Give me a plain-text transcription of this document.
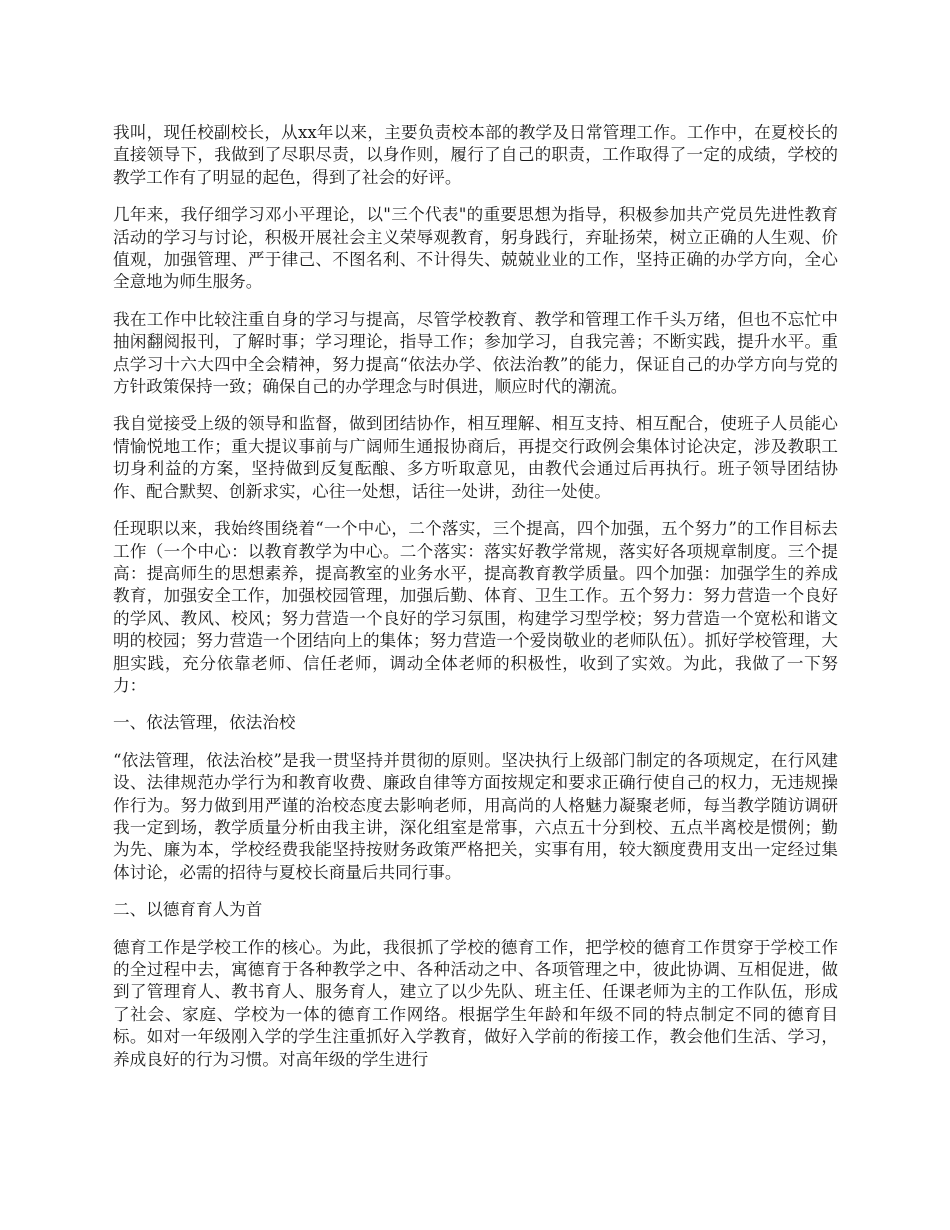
我叫，现任校副校长，从xx年以来，主要负责校本部的教学及日常管理工作。工作中，在夏校长的直接领导下，我做到了尽职尽责，以身作则，履行了自己的职责，工作取得了一定的成绩，学校的教学工作有了明显的起色，得到了社会的好评。

几年来，我仔细学习邓小平理论，以"三个代表"的重要思想为指导，积极参加共产党员先进性教育活动的学习与讨论，积极开展社会主义荣辱观教育，躬身践行，弃耻扬荣，树立正确的人生观、价值观，加强管理、严于律己、不图名利、不计得失、兢兢业业的工作，坚持正确的办学方向，全心全意地为师生服务。

我在工作中比较注重自身的学习与提高，尽管学校教育、教学和管理工作千头万绪，但也不忘忙中抽闲翻阅报刊，了解时事；学习理论，指导工作；参加学习，自我完善；不断实践，提升水平。重点学习十六大四中全会精神，努力提高“依法办学、依法治教”的能力，保证自己的办学方向与党的方针政策保持一致；确保自己的办学理念与时俱进，顺应时代的潮流。

我自觉接受上级的领导和监督，做到团结协作，相互理解、相互支持、相互配合，使班子人员能心情愉悦地工作；重大提议事前与广阔师生通报协商后，再提交行政例会集体讨论决定，涉及教职工切身利益的方案，坚持做到反复酝酿、多方听取意见，由教代会通过后再执行。班子领导团结协作、配合默契、创新求实，心往一处想，话往一处讲，劲往一处使。

任现职以来，我始终围绕着“一个中心，二个落实，三个提高，四个加强，五个努力”的工作目标去工作（一个中心：以教育教学为中心。二个落实：落实好教学常规，落实好各项规章制度。三个提高：提高师生的思想素养，提高教室的业务水平，提高教育教学质量。四个加强：加强学生的养成教育，加强安全工作，加强校园管理，加强后勤、体育、卫生工作。五个努力：努力营造一个良好的学风、教风、校风；努力营造一个良好的学习氛围，构建学习型学校；努力营造一个宽松和谐文明的校园；努力营造一个团结向上的集体；努力营造一个爱岗敬业的老师队伍）。抓好学校管理，大胆实践，充分依靠老师、信任老师，调动全体老师的积极性，收到了实效。为此，我做了一下努力：

一、依法管理，依法治校

“依法管理，依法治校”是我一贯坚持并贯彻的原则。坚决执行上级部门制定的各项规定，在行风建设、法律规范办学行为和教育收费、廉政自律等方面按规定和要求正确行使自己的权力，无违规操作行为。努力做到用严谨的治校态度去影响老师，用高尚的人格魅力凝聚老师，每当教学随访调研我一定到场，教学质量分析由我主讲，深化组室是常事，六点五十分到校、五点半离校是惯例；勤为先、廉为本，学校经费我能坚持按财务政策严格把关，实事有用，较大额度费用支出一定经过集体讨论，必需的招待与夏校长商量后共同行事。

二、以德育育人为首

德育工作是学校工作的核心。为此，我很抓了学校的德育工作，把学校的德育工作贯穿于学校工作的全过程中去，寓德育于各种教学之中、各种活动之中、各项管理之中，彼此协调、互相促进，做到了管理育人、教书育人、服务育人，建立了以少先队、班主任、任课老师为主的工作队伍，形成了社会、家庭、学校为一体的德育工作网络。根据学生年龄和年级不同的特点制定不同的德育目标。如对一年级刚入学的学生注重抓好入学教育，做好入学前的衔接工作，教会他们生活、学习，养成良好的行为习惯。对高年级的学生进行
